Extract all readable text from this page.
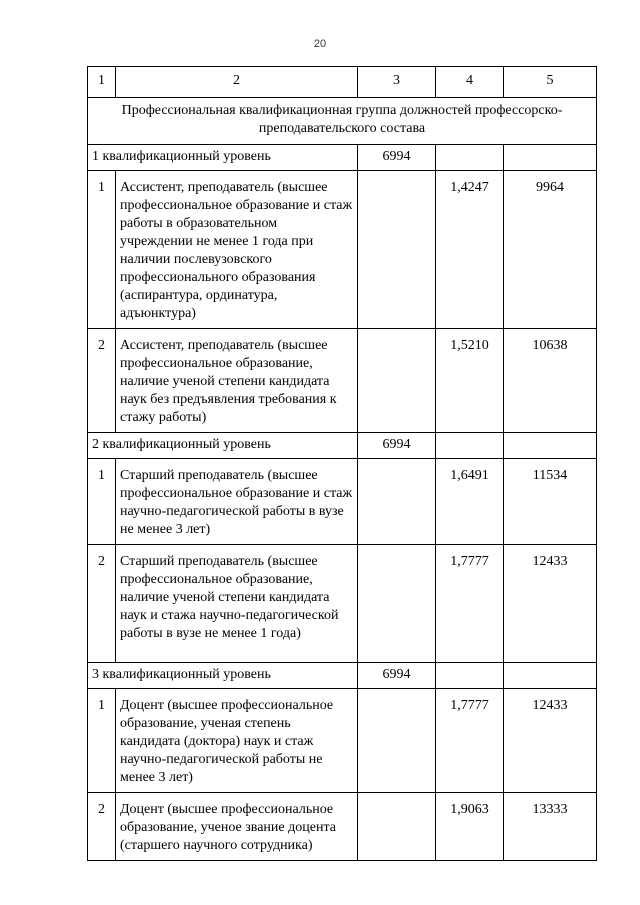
20
1	2	3	4	5
Профессиональная квалификационная группа должностей профессорско-преподавательского состава				
1 квалификационный уровень		6994		
1	Ассистент, преподаватель (высшее профессиональное образование и стаж работы в образовательном учреждении не менее 1 года при наличии послевузовского профессионального образования (аспирантура, ординатура, адъюнктура)		1,4247	9964
2	Ассистент, преподаватель (высшее профессиональное образование, наличие ученой степени кандидата наук без предъявления требования к стажу работы)		1,5210	10638
2 квалификационный уровень		6994		
1	Старший преподаватель (высшее профессиональное образование и стаж научно-педагогической работы в вузе не менее 3 лет)		1,6491	11534
2	Старший преподаватель (высшее профессиональное образование, наличие ученой степени кандидата наук и стажа научно-педагогической работы в вузе не менее 1 года)		1,7777	12433
3 квалификационный уровень		6994		
1	Доцент (высшее профессиональное образование, ученая степень кандидата (доктора) наук и стаж научно-педагогической работы не менее 3 лет)		1,7777	12433
2	Доцент (высшее профессиональное образование, ученое звание доцента (старшего научного сотрудника)		1,9063	13333
